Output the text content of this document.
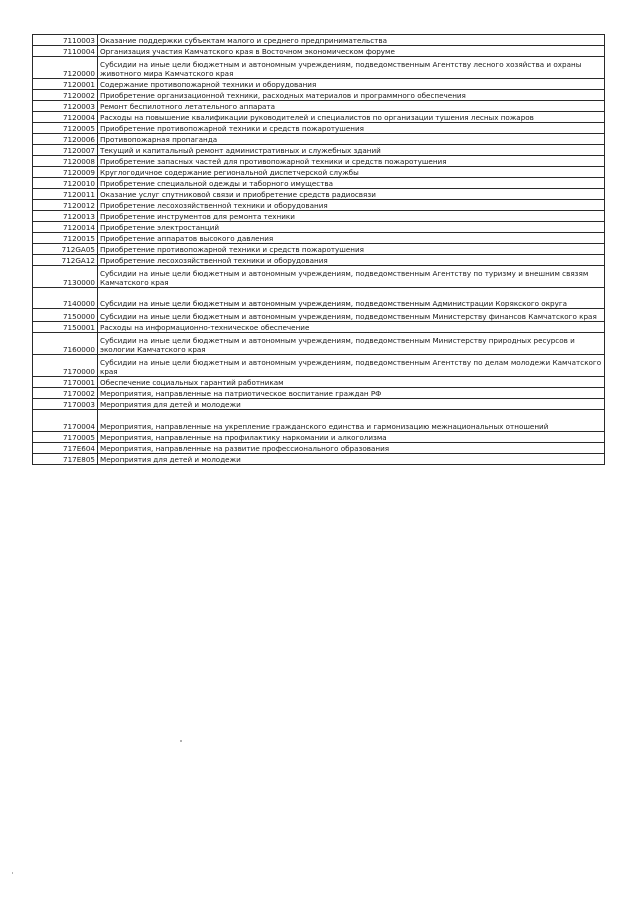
7110003	Оказание поддержки субъектам малого и среднего предпринимательства
7110004	Организация участия Камчатского края в Восточном экономическом форуме
7120000	Субсидии на иные цели бюджетным и автономным учреждениям, подведомственным Агентству лесного хозяйства и охраны животного мира Камчатского края
7120001	Содержание противопожарной техники и оборудования
7120002	Приобретение организационной техники, расходных материалов и программного обеспечения
7120003	Ремонт беспилотного летательного аппарата
7120004	Расходы на повышение квалификации руководителей и специалистов по организации тушения лесных пожаров
7120005	Приобретение противопожарной техники и средств пожаротушения
7120006	Противопожарная пропаганда
7120007	Текущий и капитальный ремонт административных и служебных зданий
7120008	Приобретение запасных частей для противопожарной техники и средств пожаротушения
7120009	Круглогодичное содержание региональной диспетчерской службы
7120010	Приобретение специальной одежды и таборного имущества
7120011	Оказание услуг спутниковой связи и приобретение средств радиосвязи
7120012	Приобретение лесохозяйственной техники и оборудования
7120013	Приобретение инструментов для ремонта техники
7120014	Приобретение электростанций
7120015	Приобретение аппаратов высокого давления
712GA05	Приобретение противопожарной техники и средств пожаротушения
712GA12	Приобретение лесохозяйственной техники и оборудования
7130000	Субсидии на иные цели бюджетным и автономным учреждениям, подведомственным Агентству по туризму и внешним связям Камчатского края
7140000	Субсидии на иные цели бюджетным и автономным учреждениям, подведомственным Администрации Корякского округа
7150000	Субсидии на иные цели бюджетным и автономным учреждениям, подведомственным Министерству финансов Камчатского края
7150001	Расходы на информационно-техническое обеспечение
7160000	Субсидии на иные цели бюджетным и автономным учреждениям, подведомственным Министерству природных ресурсов и экологии Камчатского края
7170000	Субсидии на иные цели бюджетным и автономным учреждениям, подведомственным Агентству по делам молодежи Камчатского края
7170001	Обеспечение социальных гарантий работникам
7170002	Мероприятия, направленные на патриотическое воспитание граждан РФ
7170003	Мероприятия для детей и молодежи
7170004	Мероприятия, направленные на укрепление гражданского единства и гармонизацию межнациональных отношений
7170005	Мероприятия, направленные на профилактику наркомании и алкоголизма
717E604	Мероприятия, направленные на развитие профессионального образования
717E805	Мероприятия для детей и молодежи
